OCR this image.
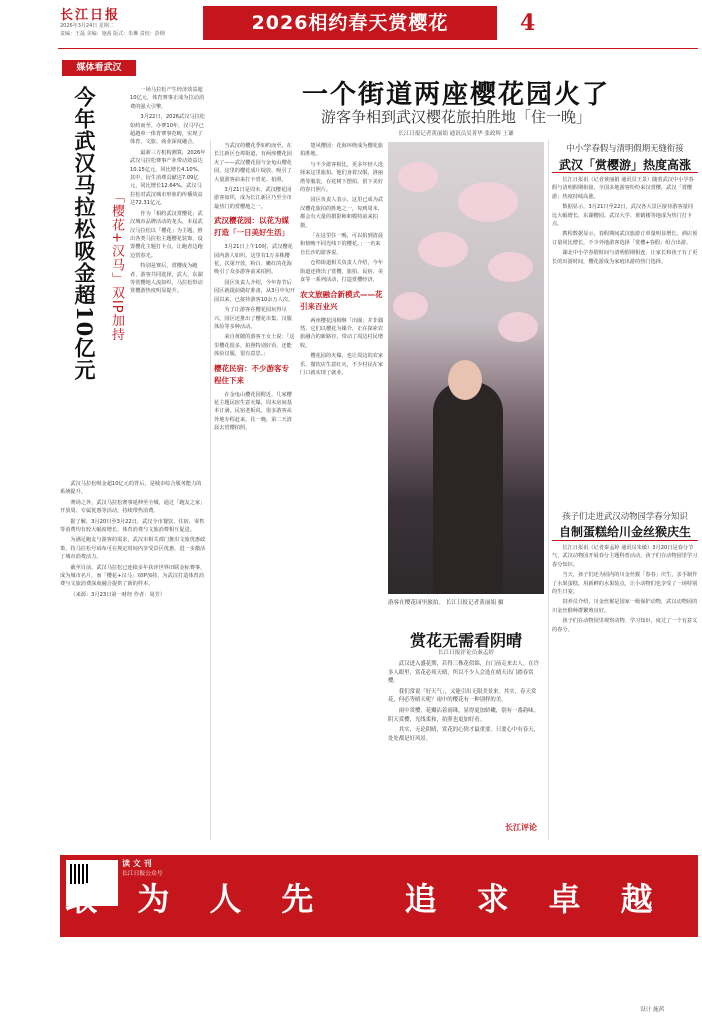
长江日报
2026年3月24日 星期二
责编：王磊 美编：施茜 版式：朱琳 责校：彭纲	2026相约春天赏樱花	4
媒体看武汉
今年武汉马拉松吸金超10亿元 「樱花+汉马」双IP加持

一场马拉松产生经济效益超10亿元，体育赛事正成为拉动消费的强大引擎。

3月22日，2026武汉马拉松如约而至。办赛10年，汉马早已超越单一体育赛事范畴，实现了体育、文旅、商业深度融合。

最新三方机构测算，2026年武汉马拉松赛事产业带动效益达10.15亿元，同比增长4.10%，其中，衍生消费贡献达7.09亿元，同比增长12.64%。武汉马拉松对武汉城市形象的传播效益达72.31亿元。

作为「相约武汉赏樱花」武汉城市品牌活动的龙头，本届武汉马拉松以「樱花」为主题，推出各类马拉松主题樱花装饰，设置樱花主题打卡点，让跑者边跑边赏春光。

特别是赛后，赏樱成为跑者、游客共同选择，武大、东湖等赏樱地人流如织，马拉松带动赏樱游热度明显提升。

武汉马拉松吸金超10亿元的背后，是城市综合服务能力的系统提升。

赛场之外，武汉马拉松赛事延伸至全城，通过「跑友之家」开放周、专属优惠等活动，持续带热消费。

据了解，3月20日至3月22日，武汉全市餐饮、住宿、零售等消费均有较大幅度增长，体育消费与文旅消费相互促进。

为满足跑友与游客的需求，武汉市相关部门推出文旅优惠政策，持马拉松号码布可在规定时间内享受景区优惠，进一步激活了城市消费活力。

截至目前，武汉马拉松已连续多年获评世界田联金标赛事，成为城市名片，而「樱花+汉马」双IP加持，为武汉打造体育消费与文旅消费深度融合提供了新的样本。

（来源：3月23日第一财经 作者：周芳）

一个街道两座樱花园火了
游客争相到武汉樱花旅拍胜地「住一晚」
长江日报记者黄丽娟 通讯员吴菁华 张政辉 王谦

当武汉的樱花季如约而至，在长江新区仓埠街道，有两座樱花园火了——武汉樱花园与金龟山樱花园，这里的樱花成片绽放，吸引了大量游客前来打卡赏花、拍照。

3月21日是周末，武汉樱花园游客如织，成为长江新区乃至全市最热门的赏樱地之一。

武汉樱花园：以花为媒打造「一日美好生活」

3月21日上午10时，武汉樱花园内游人如织。这里有1万多株樱花，次第开放，粉白、嫩红的花海吸引了众多游客前来拍照。

园区负责人介绍，今年春节后园区就提前做好准备，从3月中旬开园以来，已接待游客10余万人次。

为了让游客在樱花园玩得尽兴，园区还推出了樱花市集、汉服体验等多种活动。

来自黄陂的游客王女士说：「这里樱花很多，拍照特别好看，还能体验汉服，很有意思。」

樱花民宿：不少游客专程住下来

在金龟山樱花园附近，几家樱花主题民宿生意火爆，周末房间基本订满。民宿老板说，很多游客从外地专程赶来，住一晚，第二天清晨去赏樱拍照。

楚风樱园：花海环绕成为樱花旅拍胜地。

与不少游客相比，更多年轻人选择来这里旅拍。他们身着汉服、洛丽塔等服装，在花树下摆拍，留下美好的春日照片。

园区负责人表示，这里已成为武汉樱花旅拍的胜地之一，每到周末，都会有大量的摄影师和模特前来拍摄。

「在这里住一晚，可以拍到清晨和傍晚不同光线下的樱花。」一名来自长沙的游客说。

仓埠街道相关负责人介绍，今年街道还推出了赏樱、旅拍、民宿、美食等一系列活动，打造赏樱经济。

农文旅融合新模式——花引来百业兴

两座樱花园相继「出圈」并非偶然。它们以樱花为媒介，正在探索农旅融合的新路径，带动了周边村民增收。

樱花园的火爆，也让周边的农家乐、餐饮店生意红火，不少村民在家门口就实现了就业。

游客在樱花园里旅拍。 长江日报记者黄丽娟 摄
赏花无需看阴晴
长江日报评论员秦孟婷

武汉进入盛花期，若得三株花似锦，自门前走来去人。在许多人眼里，赏花必须天晴，所以不少人会选在晴天出门踏春赏樱。

我们常说「好天气」，又能引出无限美景来。其实，春天赏花，何必等晴天呢？雨中的樱花有一种别样的美。

雨中赏樱，花瓣沾着雨珠，显得更加娇嫩，别有一番韵味。阴天赏樱，光线柔和，拍照也更加好看。

其实，无论阴晴，赏花的心情才最重要。只要心中有春天，处处都是好风景。

长江评论
中小学春假与清明假期无缝衔接
武汉「赏樱游」热度高涨

长江日报讯（记者黄丽娟 通讯员王景）随着武汉中小学春假与清明假期衔接，全国多地游客纷纷来汉赏樱，武汉「赏樱游」热度持续高涨。

数据显示，3月21日至22日，武汉各大景区接待游客量同比大幅增长，东湖樱园、武汉大学、黄鹤楼等地成为热门打卡点。

携程数据显示，春假期间武汉旅游订单量明显增长，酒店预订量同比增长，不少外地游客选择「赏樱+春假」组合出游。

湖北中小学春假时间与清明假期相连，让家长和孩子有了更长的出游时间，樱花游成为家庭出游的热门选择。

孩子们走进武汉动物园学春分知识
自制蛋糕给川金丝猴庆生

长江日报讯（记者秦孟婷 通讯员朱敏）3月20日是春分节气，武汉动物园开展春分主题科普活动，孩子们在动物园里学习春分知识。

当天，孩子们还为园内的川金丝猴「春春」庆生，亲手制作了水果蛋糕，用新鲜的水果装点，让小动物们也享受了一场特别的生日宴。

饲养员介绍，川金丝猴是国家一级保护动物，武汉动物园的川金丝猴种群繁殖良好。

孩子们在动物园里观察动物、学习知识，度过了一个有意义的春分。

读 文 刊
长江日报公众号
敢为人先 追求卓越
设计 施茜
